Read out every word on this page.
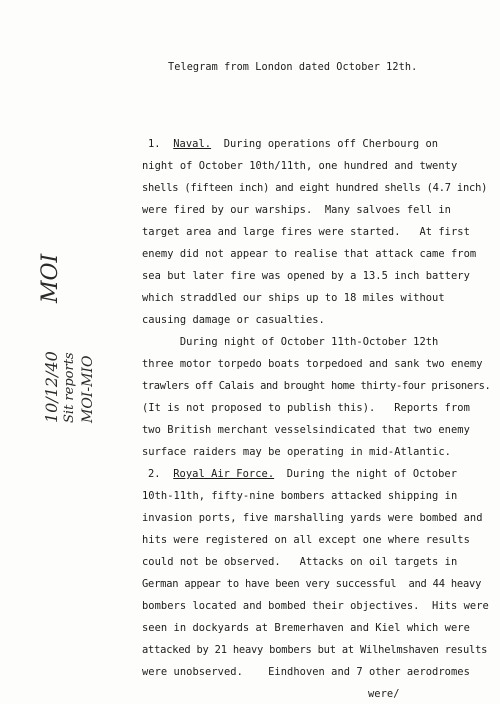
Telegram from London dated October 12th.
MOI
10/12/40 Sit reports MOI-MIO
1.  Naval.  During operations off Cherbourg on
night of October 10th/11th, one hundred and twenty
shells (fifteen inch) and eight hundred shells (4.7 inch)
were fired by our warships.  Many salvoes fell in
target area and large fires were started.   At first
enemy did not appear to realise that attack came from
sea but later fire was opened by a 13.5 inch battery
which straddled our ships up to 18 miles without
causing damage or casualties.
During night of October 11th-October 12th
three motor torpedo boats torpedoed and sank two enemy
trawlers off Calais and brought home thirty-four prisoners.
(It is not proposed to publish this).   Reports from
two British merchant vesselsindicated that two enemy
surface raiders may be operating in mid-Atlantic.
2.  Royal Air Force.  During the night of October
10th-11th, fifty-nine bombers attacked shipping in
invasion ports, five marshalling yards were bombed and
hits were registered on all except one where results
could not be observed.   Attacks on oil targets in
German appear to have been very successful  and 44 heavy
bombers located and bombed their objectives.  Hits were
seen in dockyards at Bremerhaven and Kiel which were
attacked by 21 heavy bombers but at Wilhelmshaven results
were unobserved.    Eindhoven and 7 other aerodromes
were/
